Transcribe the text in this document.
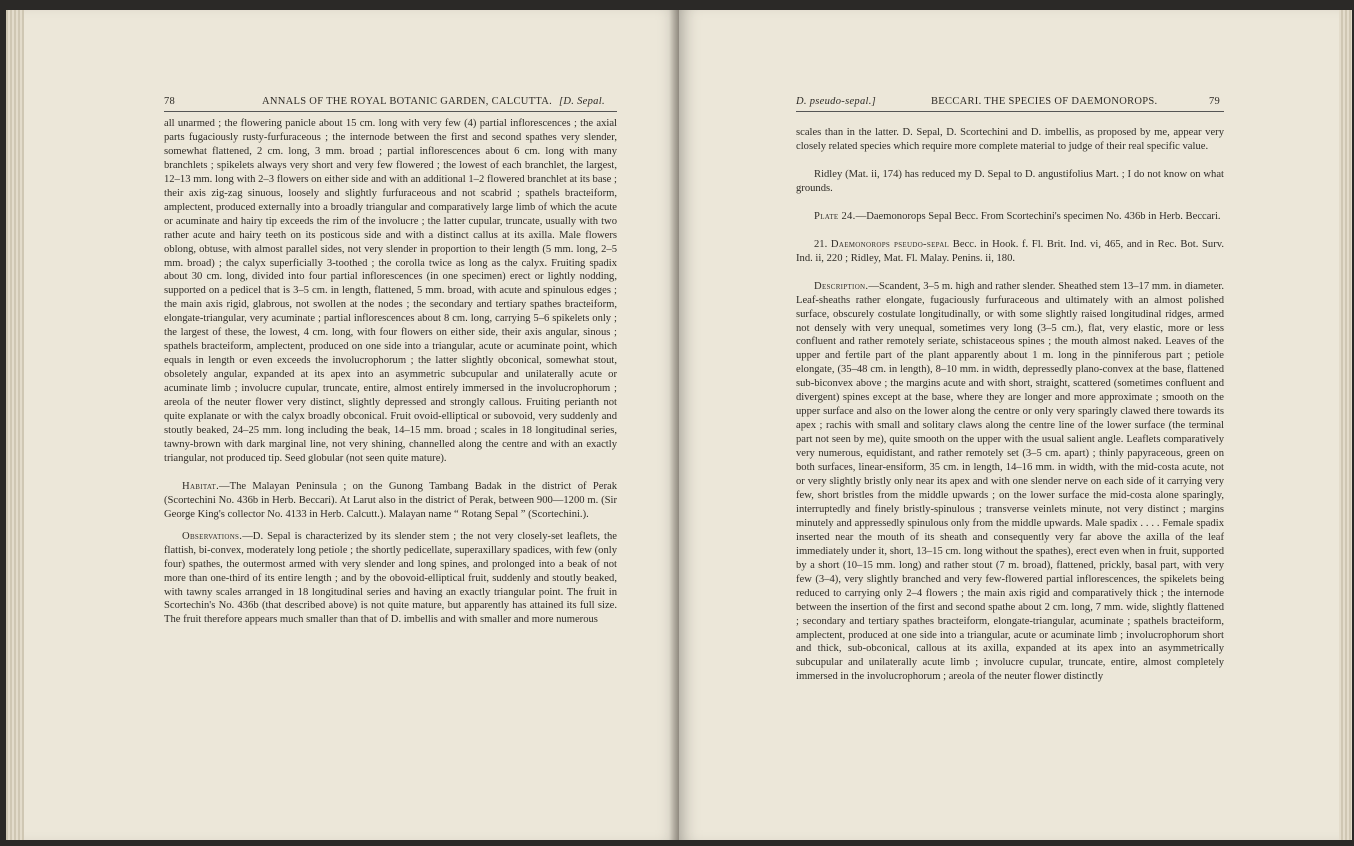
78	ANNALS OF THE ROYAL BOTANIC GARDEN, CALCUTTA. [D. Sepal.

all unarmed ; the flowering panicle about 15 cm. long with very few (4) partial inflorescences ; the axial parts fugaciously rusty-furfuraceous ; the internode between the first and second spathes very slender, somewhat flattened, 2 cm. long, 3 mm. broad ; partial inflorescences about 6 cm. long with many branchlets ; spikelets always very short and very few flowered ; the lowest of each branchlet, the largest, 12–13 mm. long with 2–3 flowers on either side and with an additional 1–2 flowered branchlet at its base ; their axis zig-zag sinuous, loosely and slightly furfuraceous and not scabrid ; spathels bracteiform, amplectent, produced externally into a broadly triangular and comparatively large limb of which the acute or acuminate and hairy tip exceeds the rim of the involucre ; the latter cupular, truncate, usually with two rather acute and hairy teeth on its posticous side and with a distinct callus at its axilla. Male flowers oblong, obtuse, with almost parallel sides, not very slender in proportion to their length (5 mm. long, 2–5 mm. broad) ; the calyx superficially 3-toothed ; the corolla twice as long as the calyx. Fruiting spadix about 30 cm. long, divided into four partial inflorescences (in one specimen) erect or lightly nodding, supported on a pedicel that is 3–5 cm. in length, flattened, 5 mm. broad, with acute and spinulous edges ; the main axis rigid, glabrous, not swollen at the nodes ; the secondary and tertiary spathes bracteiform, elongate-triangular, very acuminate ; partial inflorescences about 8 cm. long, carrying 5–6 spikelets only ; the largest of these, the lowest, 4 cm. long, with four flowers on either side, their axis angular, sinous ; spathels bracteiform, amplectent, produced on one side into a triangular, acute or acuminate point, which equals in length or even exceeds the involucrophorum ; the latter slightly obconical, somewhat stout, obsoletely angular, expanded at its apex into an asymmetric subcupular and unilaterally acute or acuminate limb ; involucre cupular, truncate, entire, almost entirely immersed in the involucrophorum ; areola of the neuter flower very distinct, slightly depressed and strongly callous. Fruiting perianth not quite explanate or with the calyx broadly obconical. Fruit ovoid-elliptical or subovoid, very suddenly and stoutly beaked, 24–25 mm. long including the beak, 14–15 mm. broad ; scales in 18 longitudinal series, tawny-brown with dark marginal line, not very shining, channelled along the centre and with an exactly triangular, not produced tip. Seed globular (not seen quite mature).

Habitat.—The Malayan Peninsula ; on the Gunong Tambang Badak in the district of Perak (Scortechini No. 436b in Herb. Beccari). At Larut also in the district of Perak, between 900—1200 m. (Sir George King's collector No. 4133 in Herb. Calcutt.). Malayan name “ Rotang Sepal ” (Scortechini.).

Observations.—D. Sepal is characterized by its slender stem ; the not very closely-set leaflets, the flattish, bi-convex, moderately long petiole ; the shortly pedicellate, superaxillary spadices, with few (only four) spathes, the outermost armed with very slender and long spines, and prolonged into a beak of not more than one-third of its entire length ; and by the obovoid-elliptical fruit, suddenly and stoutly beaked, with tawny scales arranged in 18 longitudinal series and having an exactly triangular point. The fruit in Scortechin's No. 436b (that described above) is not quite mature, but apparently has attained its full size. The fruit therefore appears much smaller than that of D. imbellis and with smaller and more numerous

D. pseudo-sepal.]	BECCARI. THE SPECIES OF DAEMONOROPS.	79

scales than in the latter. D. Sepal, D. Scortechini and D. imbellis, as proposed by me, appear very closely related species which require more complete material to judge of their real specific value.

Ridley (Mat. ii, 174) has reduced my D. Sepal to D. angustifolius Mart. ; I do not know on what grounds.

Plate 24.—Daemonorops Sepal Becc. From Scortechini's specimen No. 436b in Herb. Beccari.

21. Daemonorops pseudo-sepal Becc. in Hook. f. Fl. Brit. Ind. vi, 465, and in Rec. Bot. Surv. Ind. ii, 220 ; Ridley, Mat. Fl. Malay. Penins. ii, 180.

Description.—Scandent, 3–5 m. high and rather slender. Sheathed stem 13–17 mm. in diameter. Leaf-sheaths rather elongate, fugaciously furfuraceous and ultimately with an almost polished surface, obscurely costulate longitudinally, or with some slightly raised longitudinal ridges, armed not densely with very unequal, sometimes very long (3–5 cm.), flat, very elastic, more or less confluent and rather remotely seriate, schistaceous spines ; the mouth almost naked. Leaves of the upper and fertile part of the plant apparently about 1 m. long in the pinniferous part ; petiole elongate, (35–48 cm. in length), 8–10 mm. in width, depressedly plano-convex at the base, flattened sub-biconvex above ; the margins acute and with short, straight, scattered (sometimes confluent and divergent) spines except at the base, where they are longer and more approximate ; smooth on the upper surface and also on the lower along the centre or only very sparingly clawed there towards its apex ; rachis with small and solitary claws along the centre line of the lower surface (the terminal part not seen by me), quite smooth on the upper with the usual salient angle. Leaflets comparatively very numerous, equidistant, and rather remotely set (3–5 cm. apart) ; thinly papyraceous, green on both surfaces, linear-ensiform, 35 cm. in length, 14–16 mm. in width, with the mid-costa acute, not or very slightly bristly only near its apex and with one slender nerve on each side of it carrying very few, short bristles from the middle upwards ; on the lower surface the mid-costa alone sparingly, interruptedly and finely bristly-spinulous ; transverse veinlets minute, not very distinct ; margins minutely and appressedly spinulous only from the middle upwards. Male spadix . . . . Female spadix inserted near the mouth of its sheath and consequently very far above the axilla of the leaf immediately under it, short, 13–15 cm. long without the spathes), erect even when in fruit, supported by a short (10–15 mm. long) and rather stout (7 m. broad), flattened, prickly, basal part, with very few (3–4), very slightly branched and very few-flowered partial inflorescences, the spikelets being reduced to carrying only 2–4 flowers ; the main axis rigid and comparatively thick ; the internode between the insertion of the first and second spathe about 2 cm. long, 7 mm. wide, slightly flattened ; secondary and tertiary spathes bracteiform, elongate-triangular, acuminate ; spathels bracteiform, amplectent, produced at one side into a triangular, acute or acuminate limb ; involucrophorum short and thick, sub-obconical, callous at its axilla, expanded at its apex into an asymmetrically subcupular and unilaterally acute limb ; involucre cupular, truncate, entire, almost completely immersed in the involucrophorum ; areola of the neuter flower distinctly
